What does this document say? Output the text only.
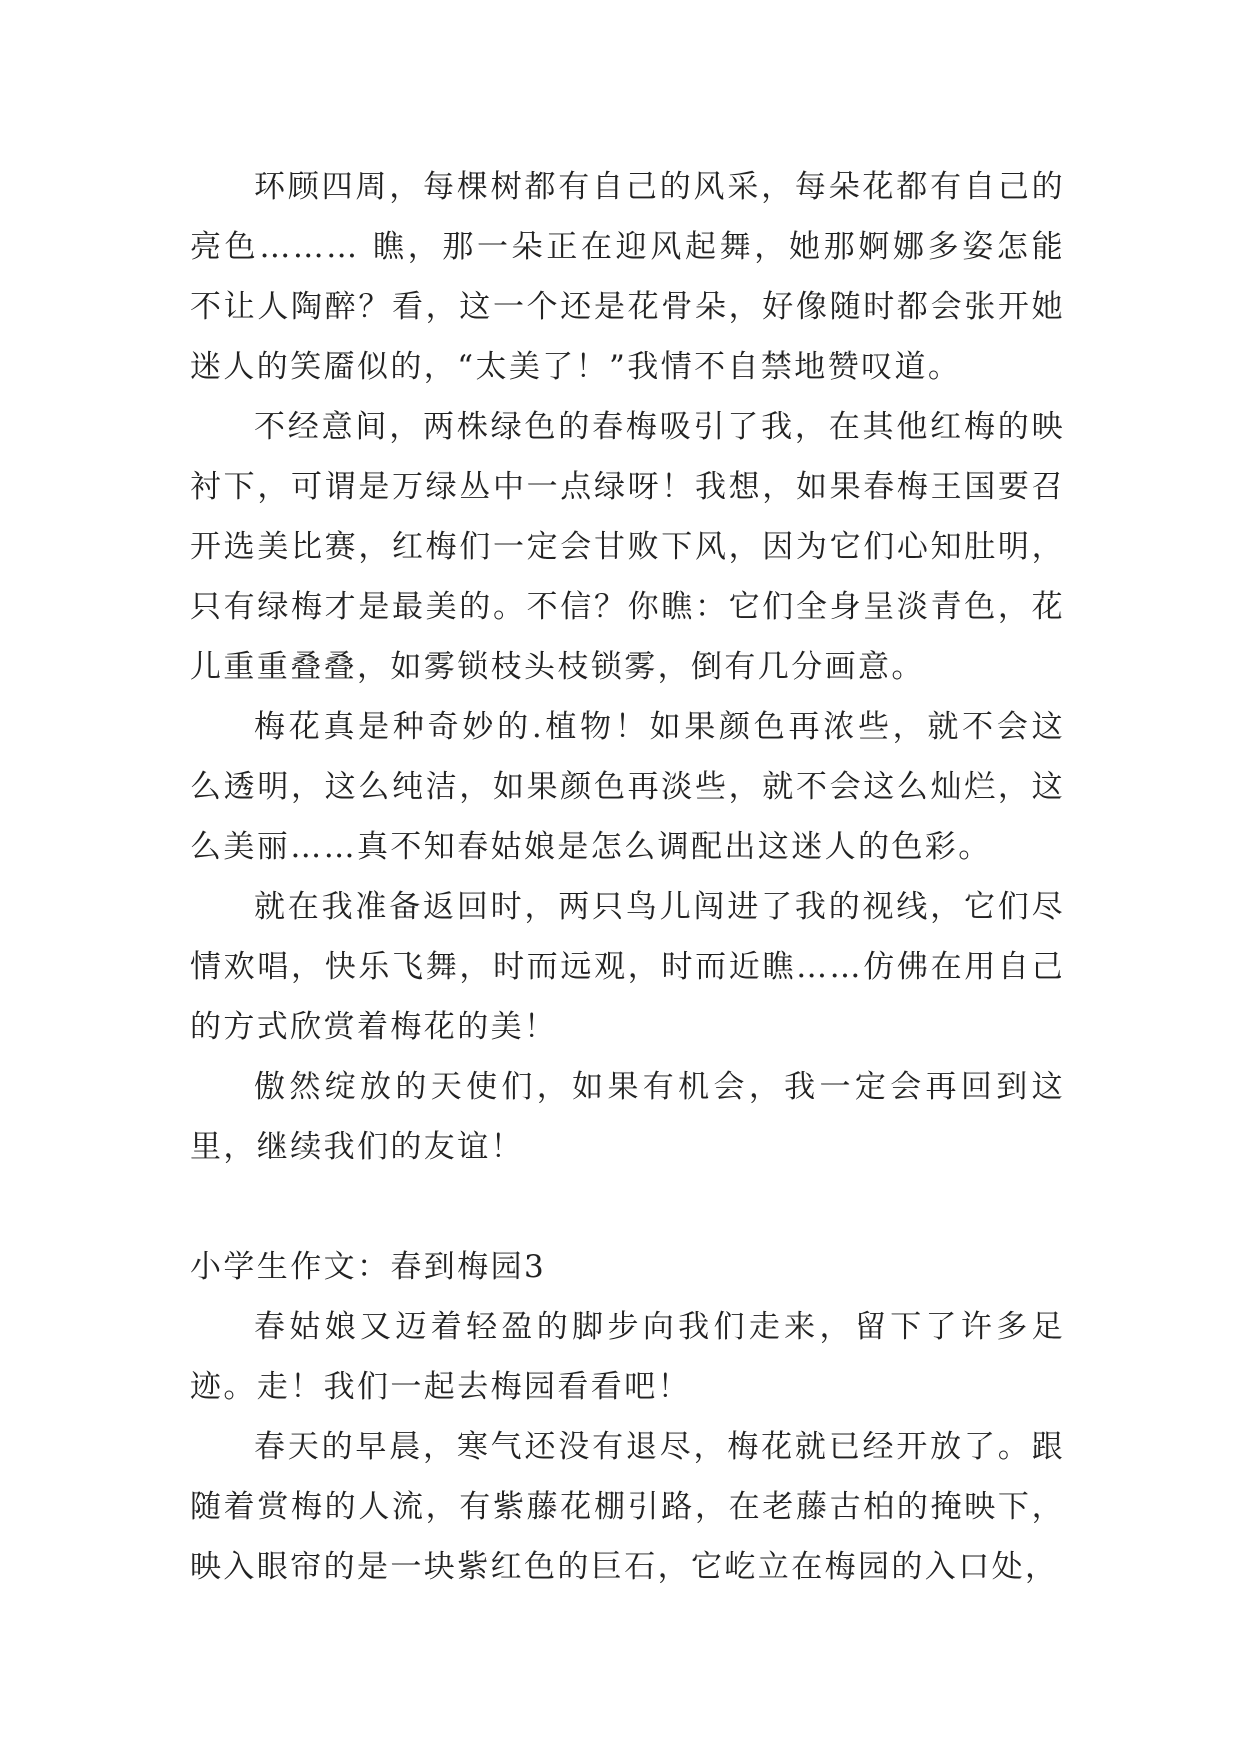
环顾四周，每棵树都有自己的风采，每朵花都有自己的亮色……… 瞧，那一朵正在迎风起舞，她那婀娜多姿怎能不让人陶醉？看，这一个还是花骨朵，好像随时都会张开她迷人的笑靥似的，“太美了！”我情不自禁地赞叹道。

不经意间，两株绿色的春梅吸引了我，在其他红梅的映衬下，可谓是万绿丛中一点绿呀！我想，如果春梅王国要召开选美比赛，红梅们一定会甘败下风，因为它们心知肚明，只有绿梅才是最美的。不信？你瞧：它们全身呈淡青色，花儿重重叠叠，如雾锁枝头枝锁雾，倒有几分画意。

梅花真是种奇妙的.植物！如果颜色再浓些，就不会这么透明，这么纯洁，如果颜色再淡些，就不会这么灿烂，这么美丽……真不知春姑娘是怎么调配出这迷人的色彩。

就在我准备返回时，两只鸟儿闯进了我的视线，它们尽情欢唱，快乐飞舞，时而远观，时而近瞧……仿佛在用自己的方式欣赏着梅花的美！

傲然绽放的天使们，如果有机会，我一定会再回到这里，继续我们的友谊！

小学生作文：春到梅园3

春姑娘又迈着轻盈的脚步向我们走来，留下了许多足迹。走！我们一起去梅园看看吧！

春天的早晨，寒气还没有退尽，梅花就已经开放了。跟随着赏梅的人流，有紫藤花棚引路，在老藤古柏的掩映下，映入眼帘的是一块紫红色的巨石，它屹立在梅园的入口处，
